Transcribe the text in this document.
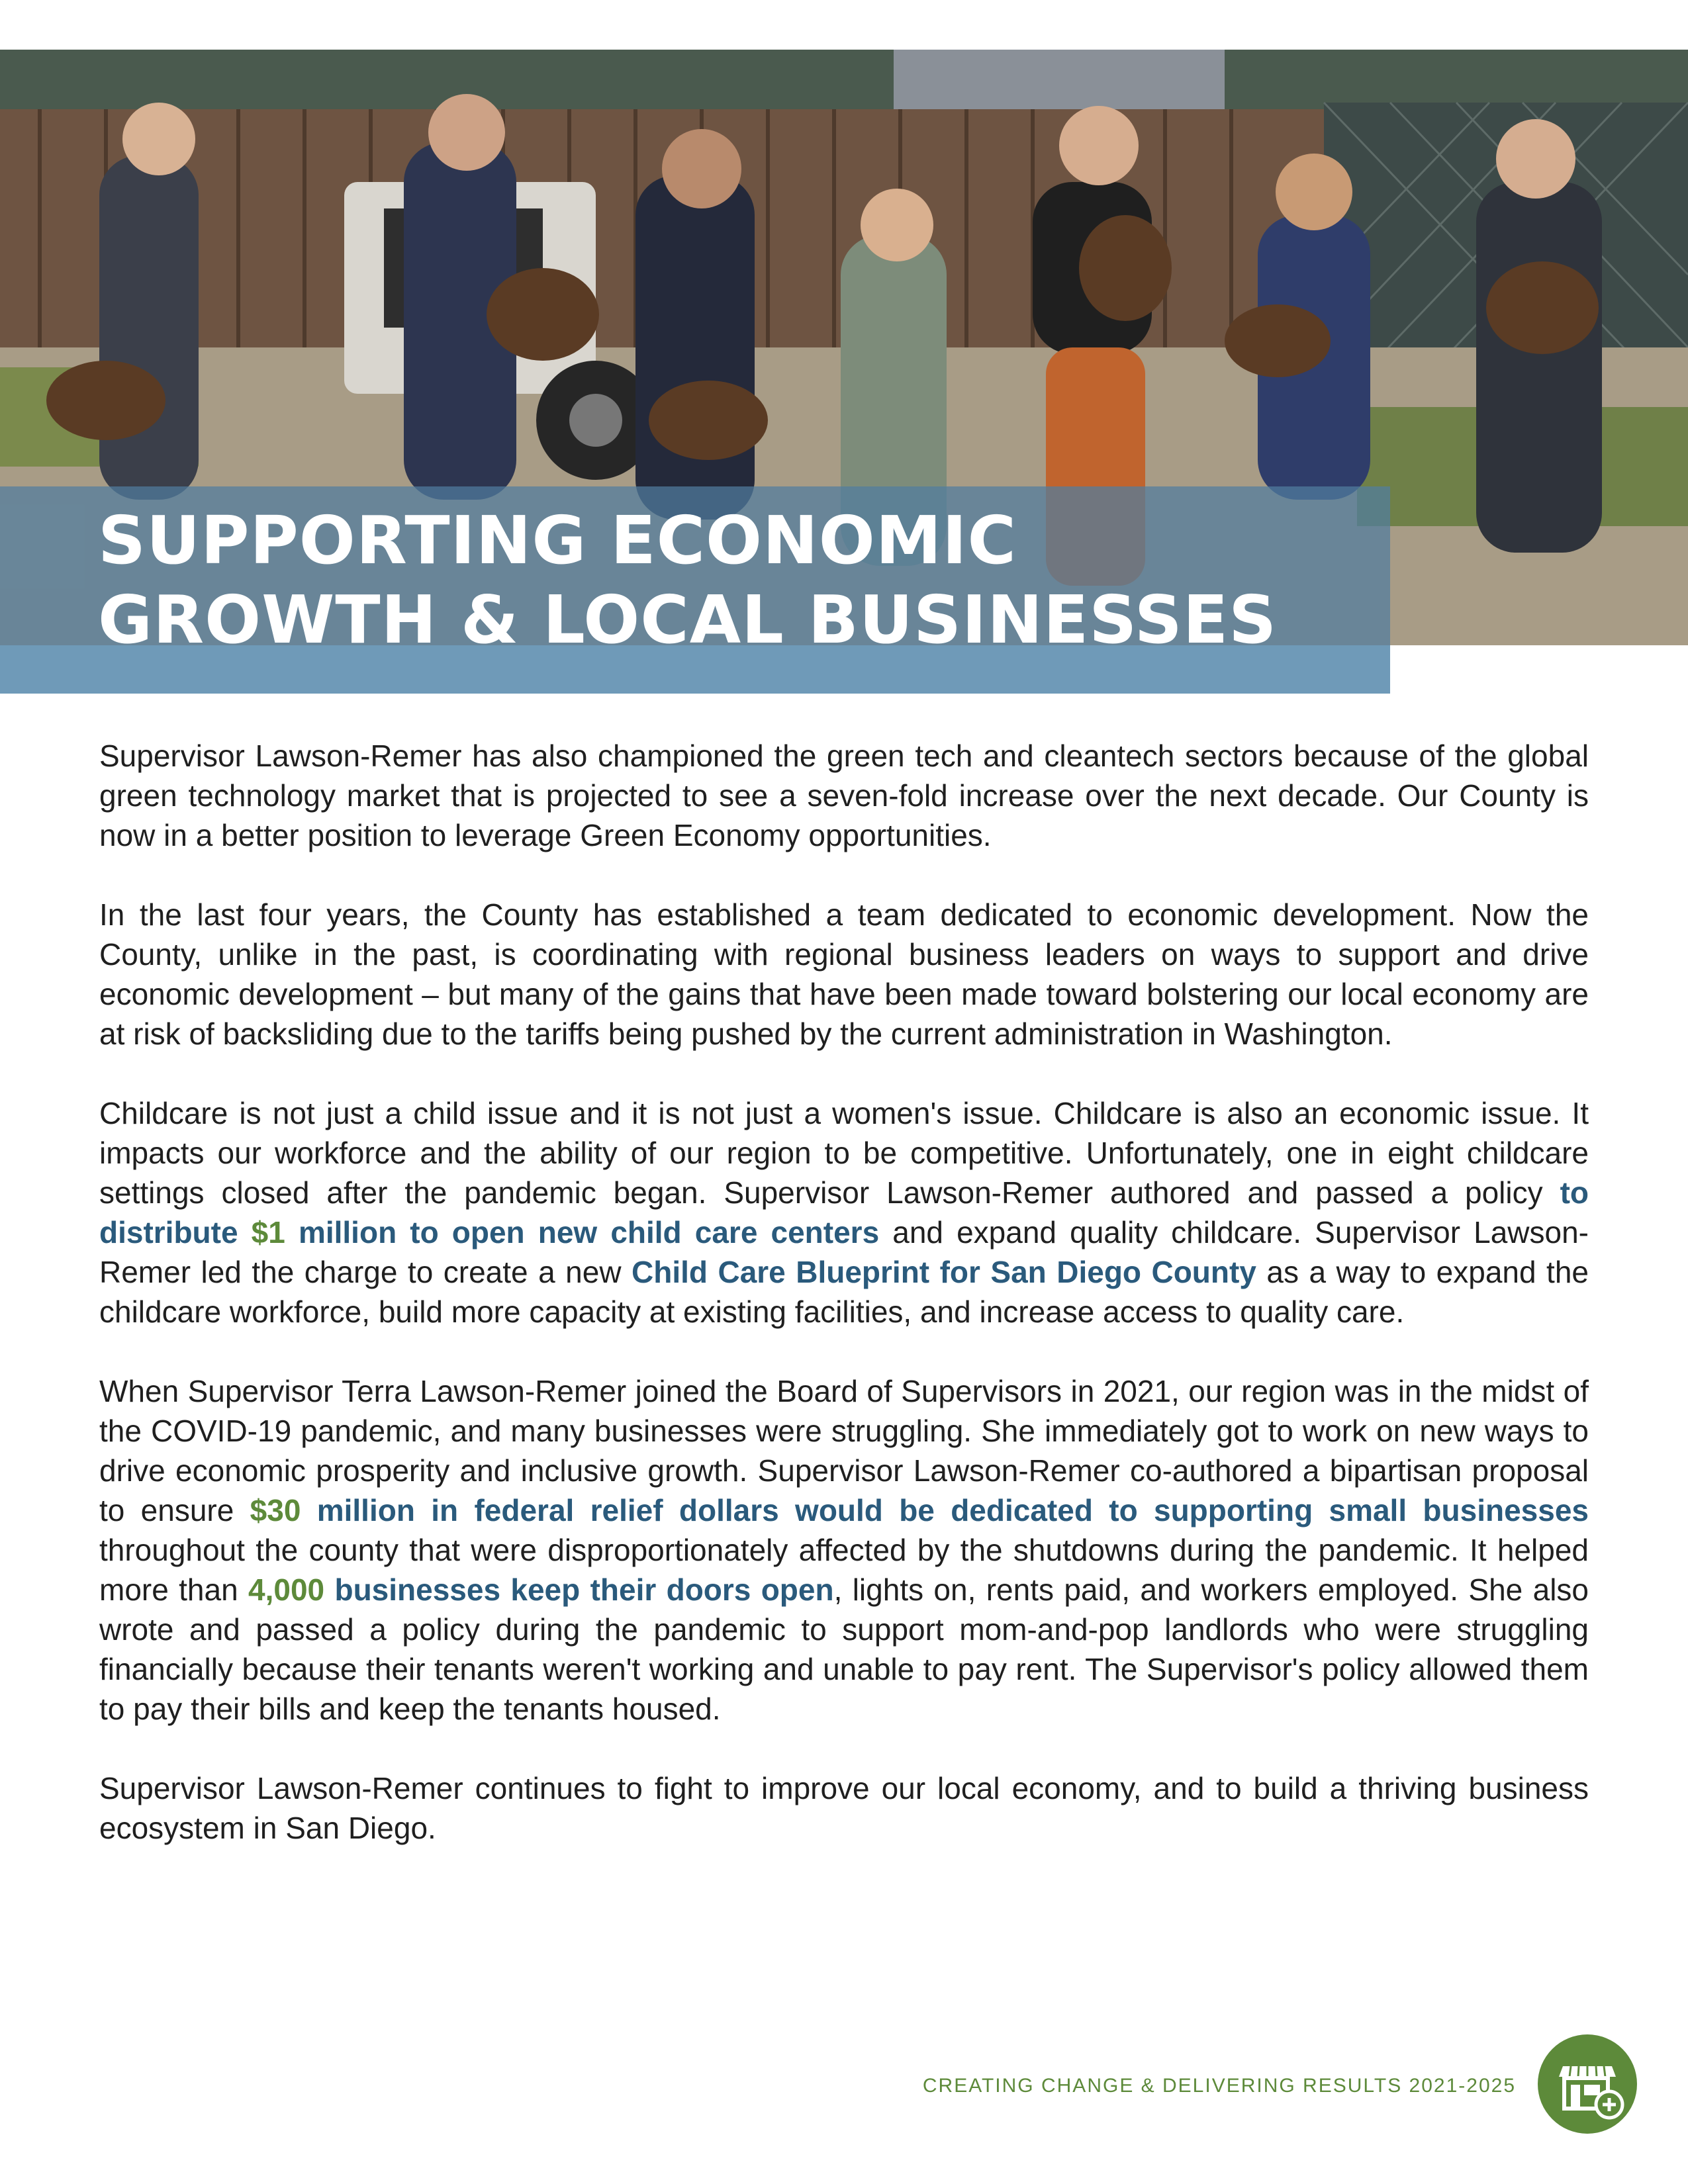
SUPPORTING ECONOMIC
GROWTH & LOCAL BUSINESSES

Supervisor Lawson-Remer has also championed the green tech and cleantech sectors because of the global green technology market that is projected to see a seven-fold increase over the next decade. Our County is now in a better position to leverage Green Economy opportunities.

In the last four years, the County has established a team dedicated to economic development. Now the County, unlike in the past, is coordinating with regional business leaders on ways to support and drive economic development – but many of the gains that have been made toward bolstering our local economy are at risk of backsliding due to the tariffs being pushed by the current administration in Washington.

Childcare is not just a child issue and it is not just a women's issue. Childcare is also an economic issue. It impacts our workforce and the ability of our region to be competitive. Unfortunately, one in eight childcare settings closed after the pandemic began. Supervisor Lawson-Remer authored and passed a policy to distribute $1 million to open new child care centers and expand quality childcare. Supervisor Lawson-Remer led the charge to create a new Child Care Blueprint for San Diego County as a way to expand the childcare workforce, build more capacity at existing facilities, and increase access to quality care.

When Supervisor Terra Lawson-Remer joined the Board of Supervisors in 2021, our region was in the midst of the COVID-19 pandemic, and many businesses were struggling. She immediately got to work on new ways to drive economic prosperity and inclusive growth. Supervisor Lawson-Remer co-authored a bipartisan proposal to ensure $30 million in federal relief dollars would be dedicated to supporting small businesses throughout the county that were disproportionately affected by the shutdowns during the pandemic. It helped more than 4,000 businesses keep their doors open, lights on, rents paid, and workers employed. She also wrote and passed a policy during the pandemic to support mom-and-pop landlords who were struggling financially because their tenants weren't working and unable to pay rent. The Supervisor's policy allowed them to pay their bills and keep the tenants housed.

Supervisor Lawson-Remer continues to fight to improve our local economy, and to build a thriving business ecosystem in San Diego.

CREATING CHANGE & DELIVERING RESULTS 2021-2025
